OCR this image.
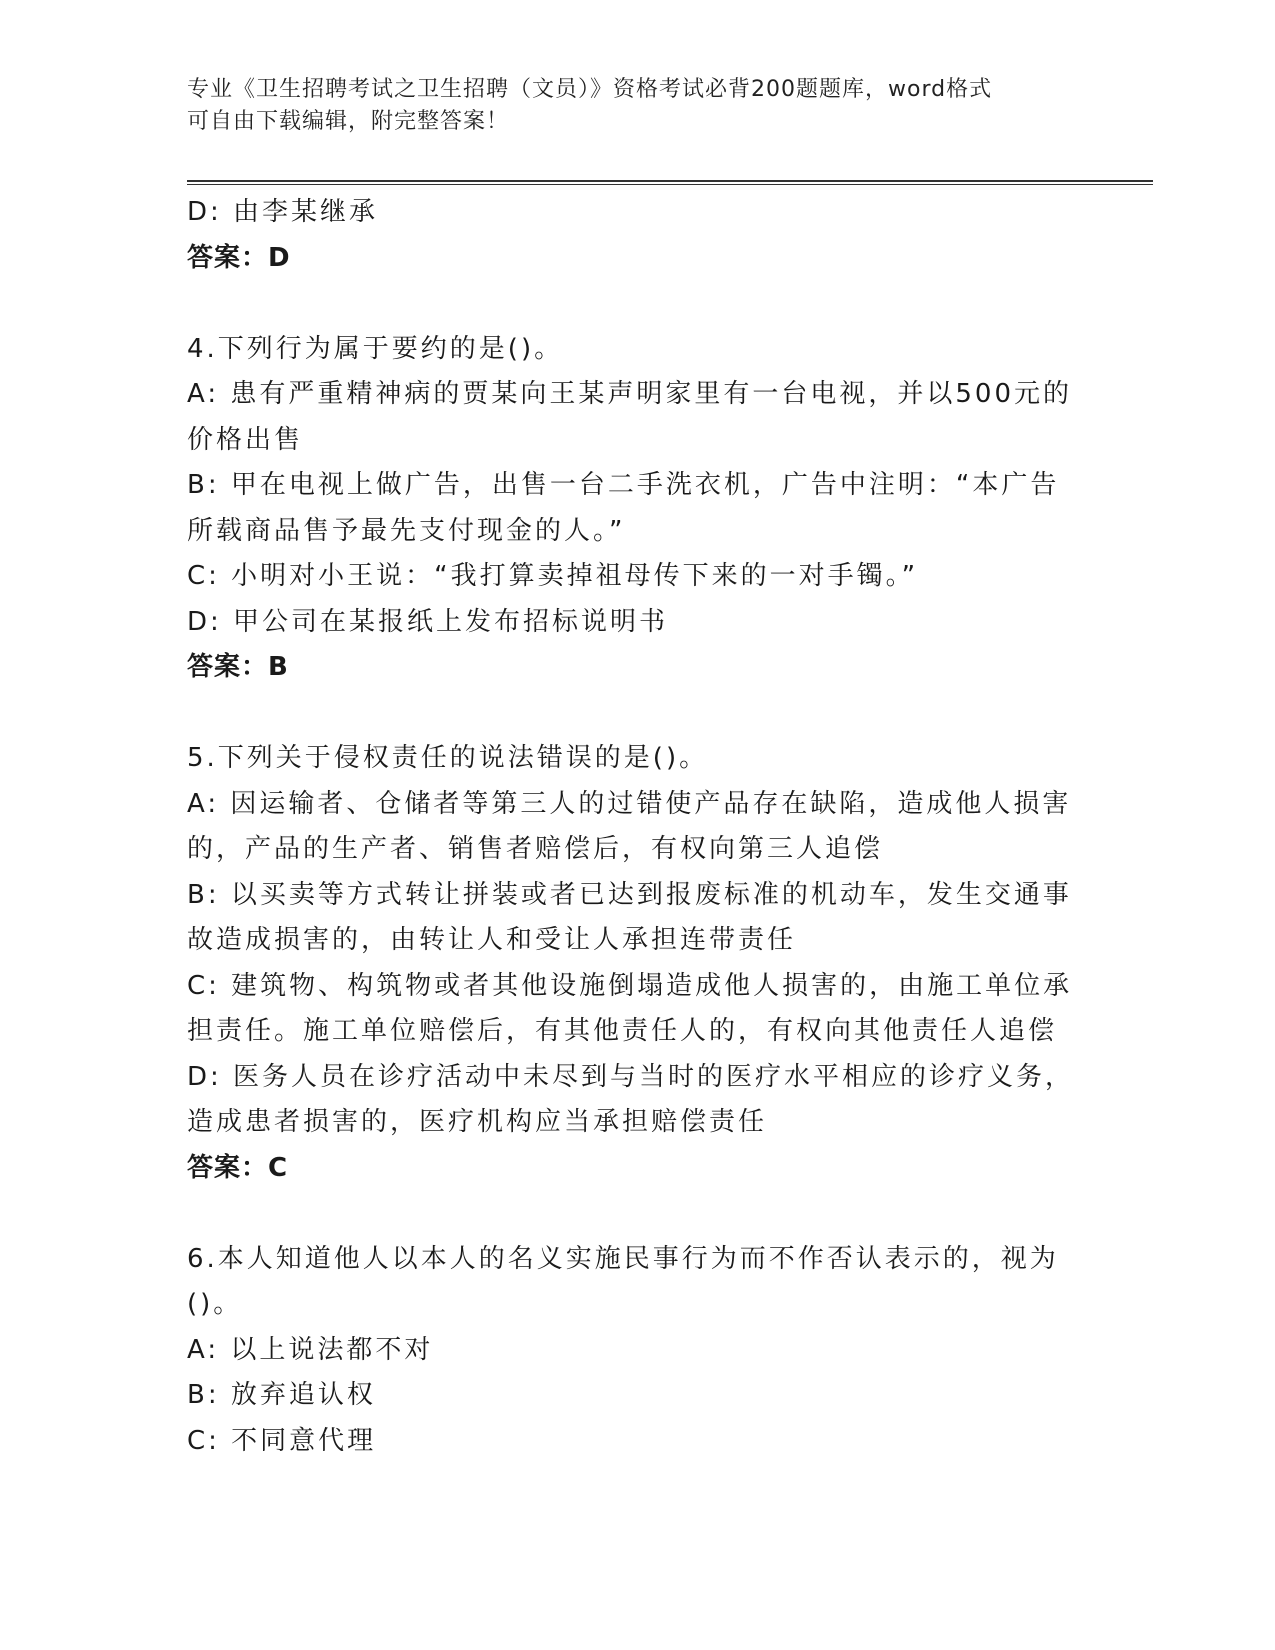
专业《卫生招聘考试之卫生招聘（文员）》资格考试必背200题题库，word格式
可自由下载编辑，附完整答案！
D: 由李某继承
答案：D
4.下列行为属于要约的是()。
A: 患有严重精神病的贾某向王某声明家里有一台电视，并以500元的
价格出售
B: 甲在电视上做广告，出售一台二手洗衣机，广告中注明：“本广告
所载商品售予最先支付现金的人。”
C: 小明对小王说：“我打算卖掉祖母传下来的一对手镯。”
D: 甲公司在某报纸上发布招标说明书
答案：B
5.下列关于侵权责任的说法错误的是()。
A: 因运输者、仓储者等第三人的过错使产品存在缺陷，造成他人损害
的，产品的生产者、销售者赔偿后，有权向第三人追偿
B: 以买卖等方式转让拼装或者已达到报废标准的机动车，发生交通事
故造成损害的，由转让人和受让人承担连带责任
C: 建筑物、构筑物或者其他设施倒塌造成他人损害的，由施工单位承
担责任。施工单位赔偿后，有其他责任人的，有权向其他责任人追偿
D: 医务人员在诊疗活动中未尽到与当时的医疗水平相应的诊疗义务，
造成患者损害的，医疗机构应当承担赔偿责任
答案：C
6.本人知道他人以本人的名义实施民事行为而不作否认表示的，视为
()。
A: 以上说法都不对
B: 放弃追认权
C: 不同意代理
